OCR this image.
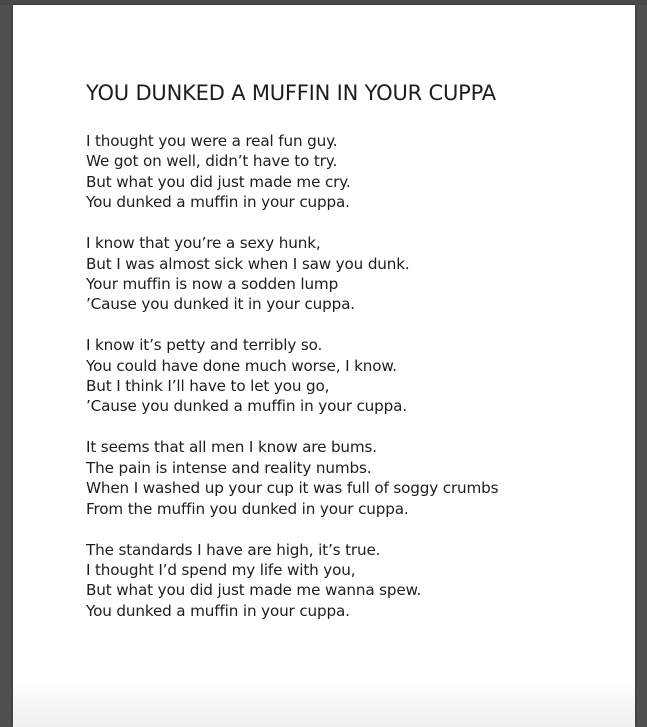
YOU DUNKED A MUFFIN IN YOUR CUPPA
I thought you were a real fun guy.
We got on well, didn’t have to try.
But what you did just made me cry.
You dunked a muffin in your cuppa.
I know that you’re a sexy hunk,
But I was almost sick when I saw you dunk.
Your muffin is now a sodden lump
’Cause you dunked it in your cuppa.
I know it’s petty and terribly so.
You could have done much worse, I know.
But I think I’ll have to let you go,
’Cause you dunked a muffin in your cuppa.
It seems that all men I know are bums.
The pain is intense and reality numbs.
When I washed up your cup it was full of soggy crumbs
From the muffin you dunked in your cuppa.
The standards I have are high, it’s true.
I thought I’d spend my life with you,
But what you did just made me wanna spew.
You dunked a muffin in your cuppa.
